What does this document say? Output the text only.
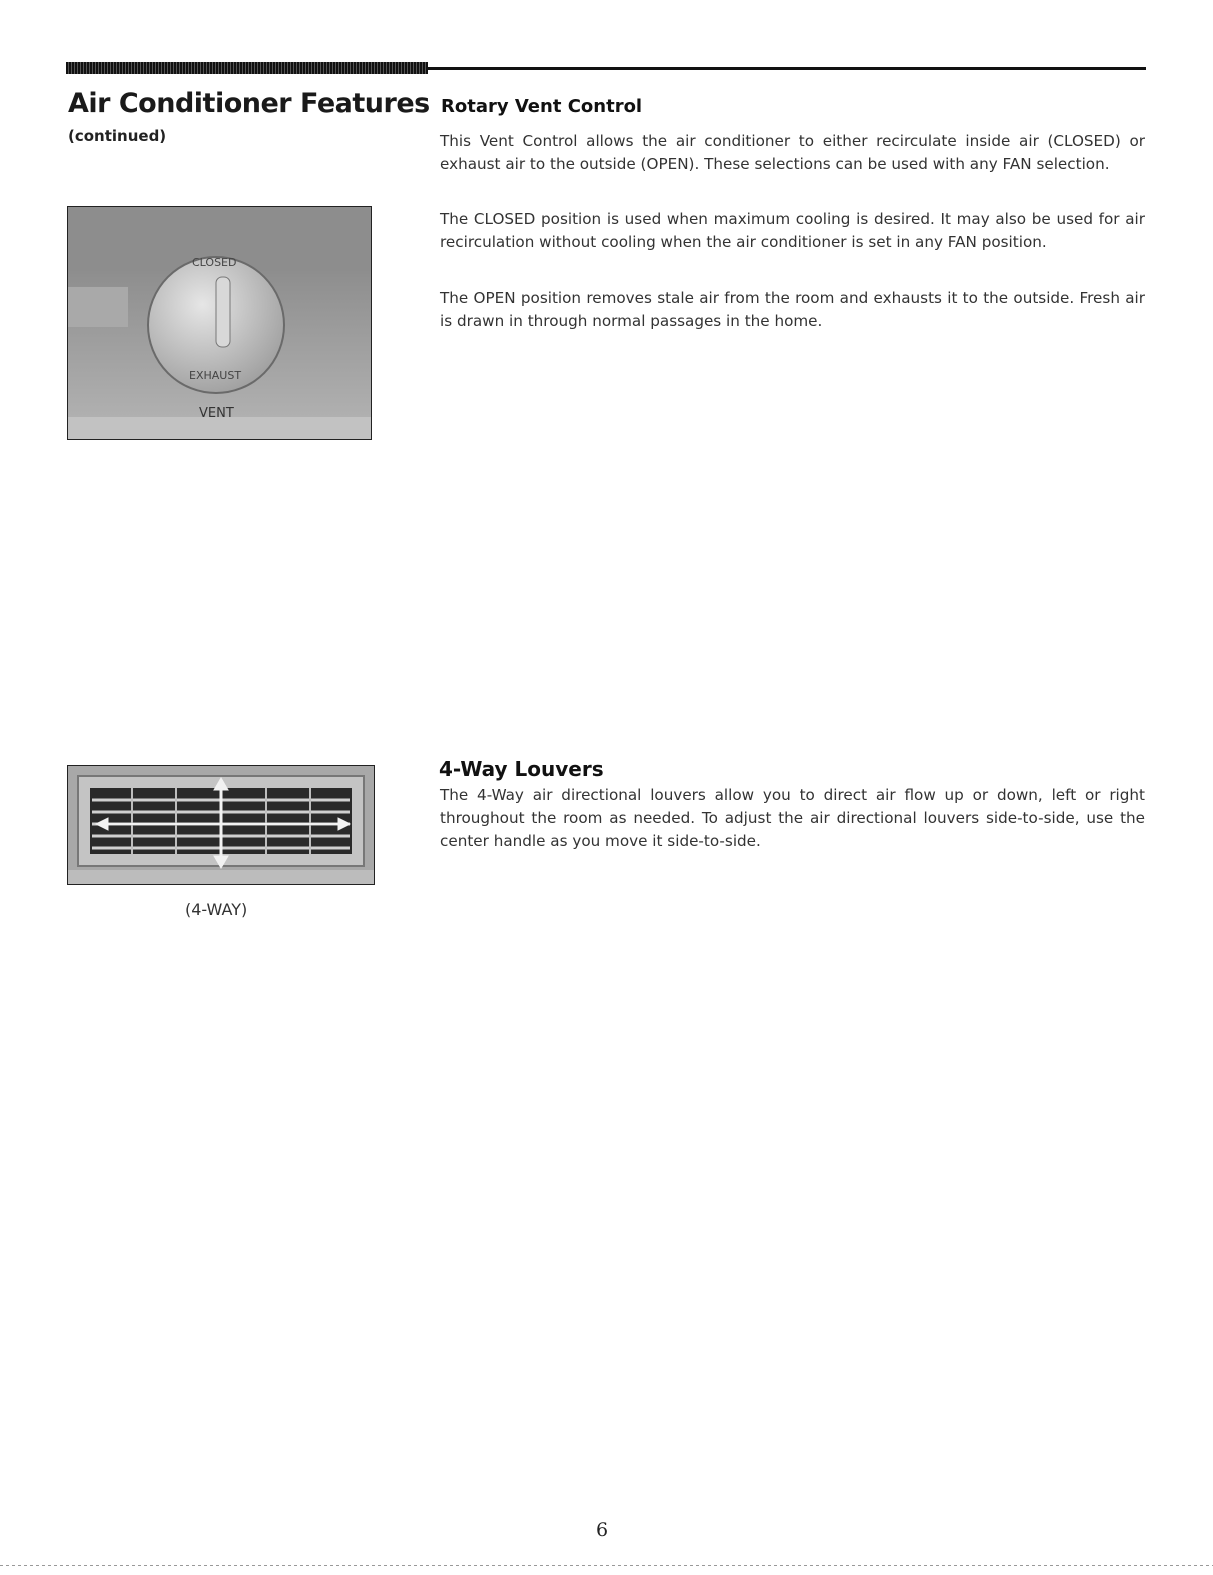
Air Conditioner Features

(continued)

Rotary Vent Control

This Vent Control allows the air conditioner to either recirculate inside air (CLOSED) or exhaust air to the outside (OPEN). These selections can be used with any FAN selection.

The CLOSED position is used when maximum cooling is desired. It may also be used for air recirculation without cooling when the air conditioner is set in any FAN position.

The OPEN position removes stale air from the room and exhausts it to the outside. Fresh air is drawn in through normal passages in the home.

CLOSED
EXHAUST
VENT
4-Way Louvers

The 4-Way air directional louvers allow you to direct air flow up or down, left or right throughout the room as needed. To adjust the air directional louvers side-to-side, use the center handle as you move it side-to-side.

(4-WAY)

6
